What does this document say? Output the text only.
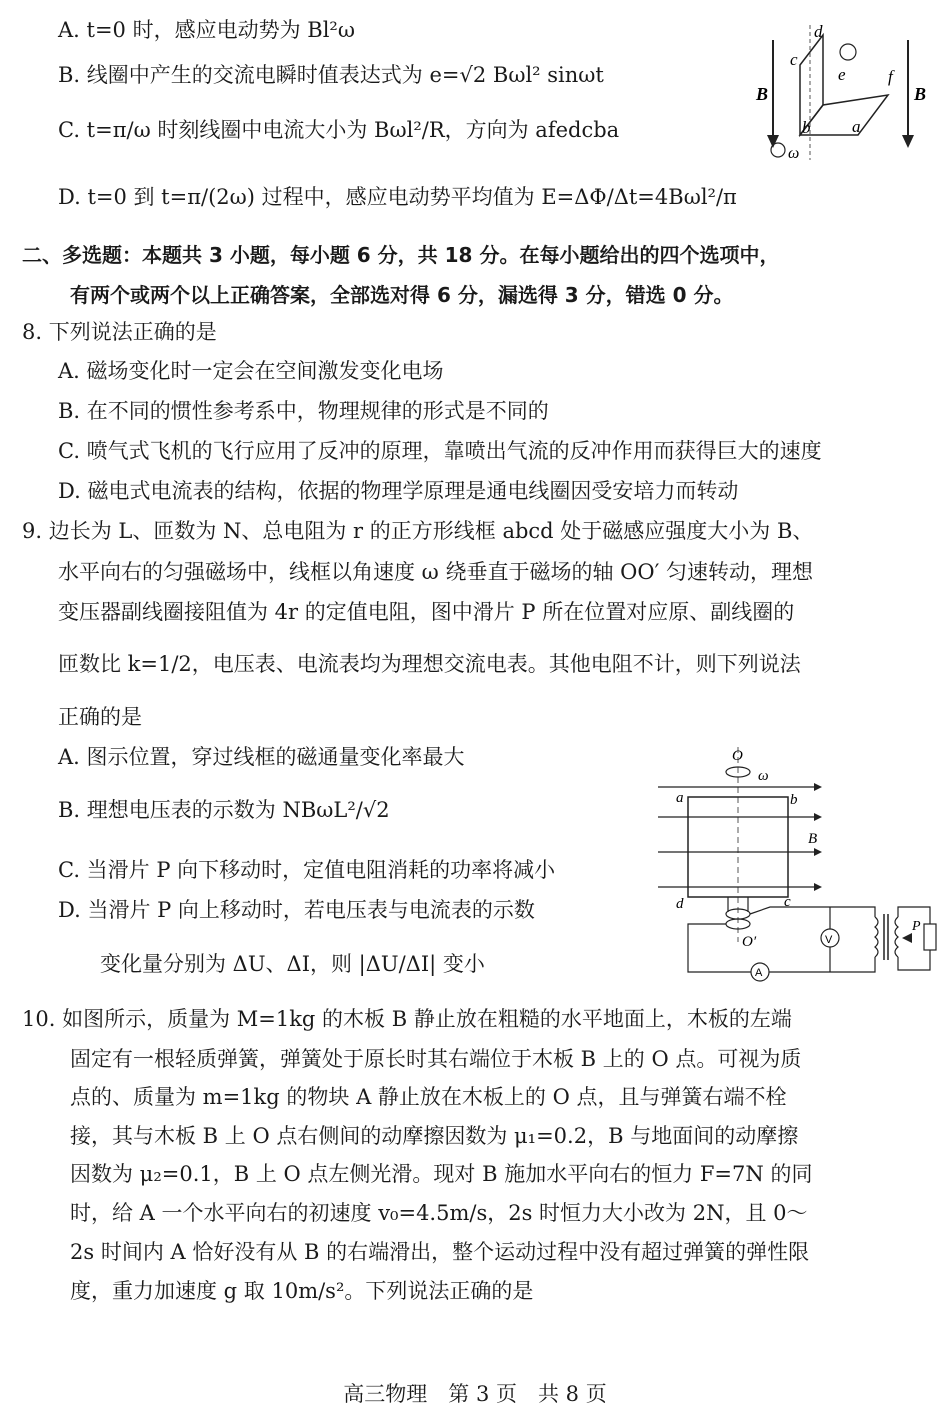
A. t=0 时，感应电动势为 Bl²ω
B. 线圈中产生的交流电瞬时值表达式为 e=√2 Bωl² sinωt
C. t=π/ω 时刻线圈中电流大小为 Bωl²/R，方向为 afedcba
D. t=0 到 t=π/(2ω) 过程中，感应电动势平均值为 E=ΔΦ/Δt=4Bωl²/π
B	B
c
d
e f
b a
ω
二、多选题：本题共 3 小题，每小题 6 分，共 18 分。在每小题给出的四个选项中，
有两个或两个以上正确答案，全部选对得 6 分，漏选得 3 分，错选 0 分。
8. 下列说法正确的是
A. 磁场变化时一定会在空间激发变化电场
B. 在不同的惯性参考系中，物理规律的形式是不同的
C. 喷气式飞机的飞行应用了反冲的原理，靠喷出气流的反冲作用而获得巨大的速度
D. 磁电式电流表的结构，依据的物理学原理是通电线圈因受安培力而转动
9. 边长为 L、匝数为 N、总电阻为 r 的正方形线框 abcd 处于磁感应强度大小为 B、
水平向右的匀强磁场中，线框以角速度 ω 绕垂直于磁场的轴 OO′ 匀速转动，理想
变压器副线圈接阻值为 4r 的定值电阻，图中滑片 P 所在位置对应原、副线圈的
匝数比 k=1/2，电压表、电流表均为理想交流电表。其他电阻不计，则下列说法
正确的是
A. 图示位置，穿过线框的磁通量变化率最大
B. 理想电压表的示数为 NBωL²/√2
C. 当滑片 P 向下移动时，定值电阻消耗的功率将减小
D. 当滑片 P 向上移动时，若电压表与电流表的示数
变化量分别为 ΔU、ΔI，则 |ΔU/ΔI| 变小
O
O′
ω
a	b
c
d
B
V
A
P
10. 如图所示，质量为 M=1kg 的木板 B 静止放在粗糙的水平地面上，木板的左端
固定有一根轻质弹簧，弹簧处于原长时其右端位于木板 B 上的 O 点。可视为质
点的、质量为 m=1kg 的物块 A 静止放在木板上的 O 点，且与弹簧右端不栓
接，其与木板 B 上 O 点右侧间的动摩擦因数为 μ₁=0.2，B 与地面间的动摩擦
因数为 μ₂=0.1，B 上 O 点左侧光滑。现对 B 施加水平向右的恒力 F=7N 的同
时，给 A 一个水平向右的初速度 v₀=4.5m/s，2s 时恒力大小改为 2N，且 0～
2s 时间内 A 恰好没有从 B 的右端滑出，整个运动过程中没有超过弹簧的弹性限
度，重力加速度 g 取 10m/s²。下列说法正确的是
高三物理　第 3 页　共 8 页
